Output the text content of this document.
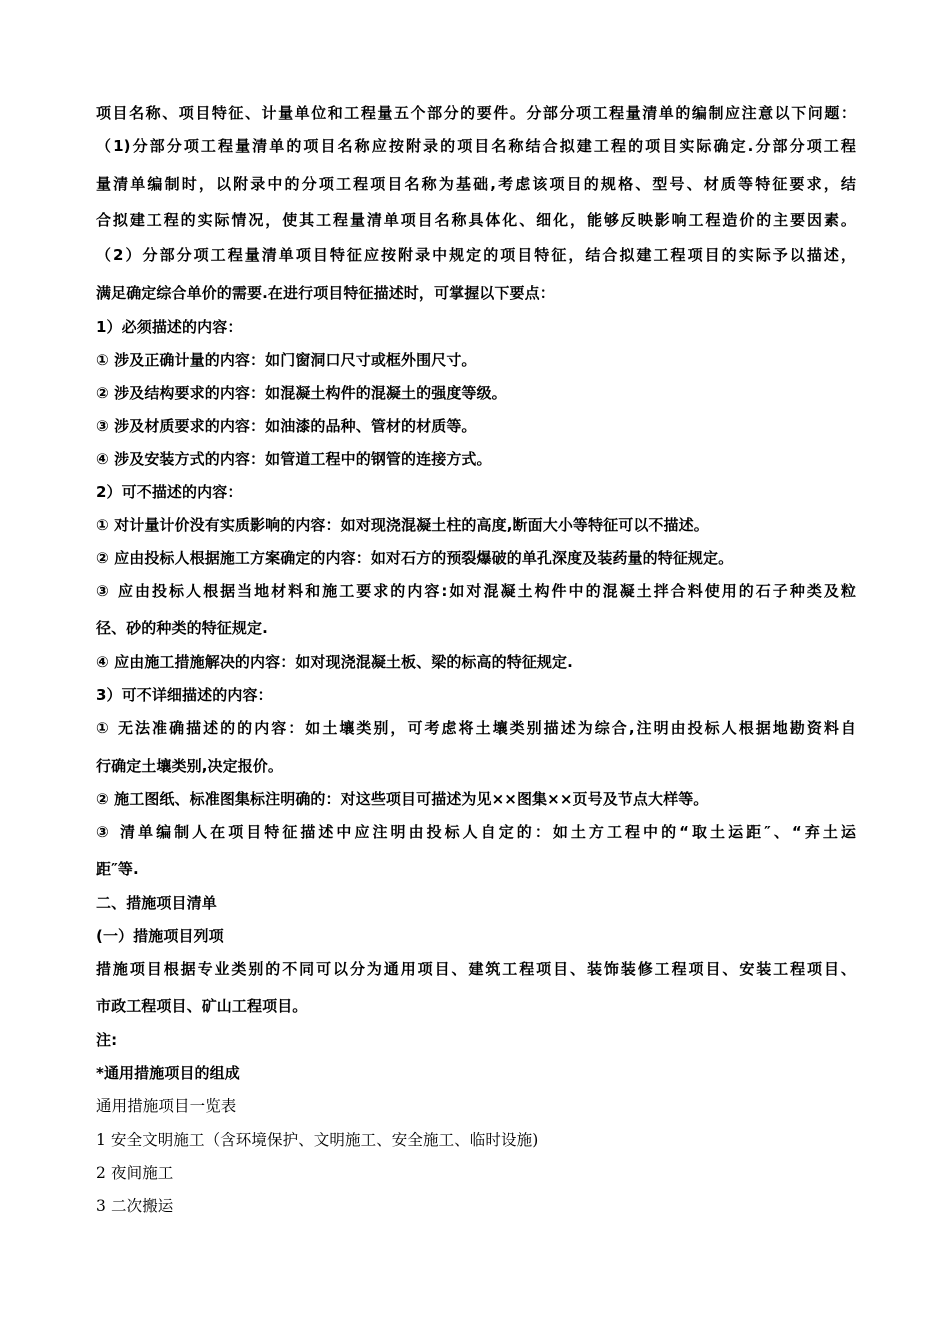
项目名称、项目特征、计量单位和工程量五个部分的要件。分部分项工程量清单的编制应注意以下问题：
（1)分部分项工程量清单的项目名称应按附录的项目名称结合拟建工程的项目实际确定.分部分项工程
量清单编制时，以附录中的分项工程项目名称为基础,考虑该项目的规格、型号、材质等特征要求，结
合拟建工程的实际情况，使其工程量清单项目名称具体化、细化，能够反映影响工程造价的主要因素。
（2）分部分项工程量清单项目特征应按附录中规定的项目特征，结合拟建工程项目的实际予以描述，
满足确定综合单价的需要.在进行项目特征描述时，可掌握以下要点：
1）必须描述的内容：
① 涉及正确计量的内容：如门窗洞口尺寸或框外围尺寸。
② 涉及结构要求的内容：如混凝土构件的混凝土的强度等级。
③ 涉及材质要求的内容：如油漆的品种、管材的材质等。
④ 涉及安装方式的内容：如管道工程中的钢管的连接方式。
2）可不描述的内容：
① 对计量计价没有实质影响的内容：如对现浇混凝土柱的高度,断面大小等特征可以不描述。
② 应由投标人根据施工方案确定的内容：如对石方的预裂爆破的单孔深度及装药量的特征规定。
③ 应由投标人根据当地材料和施工要求的内容:如对混凝土构件中的混凝土拌合料使用的石子种类及粒
径、砂的种类的特征规定.
④ 应由施工措施解决的内容：如对现浇混凝土板、梁的标高的特征规定.
3）可不详细描述的内容：
① 无法准确描述的的内容：如土壤类别，可考虑将土壤类别描述为综合,注明由投标人根据地勘资料自
行确定土壤类别,决定报价。
② 施工图纸、标准图集标注明确的：对这些项目可描述为见××图集××页号及节点大样等。
③ 清单编制人在项目特征描述中应注明由投标人自定的：如土方工程中的“取土运距″、“弃土运
距″等.
二、措施项目清单
(一）措施项目列项
措施项目根据专业类别的不同可以分为通用项目、建筑工程项目、装饰装修工程项目、安装工程项目、
市政工程项目、矿山工程项目。
注:
*通用措施项目的组成
通用措施项目一览表
1 安全文明施工（含环境保护、文明施工、安全施工、临时设施)
2 夜间施工
3 二次搬运
